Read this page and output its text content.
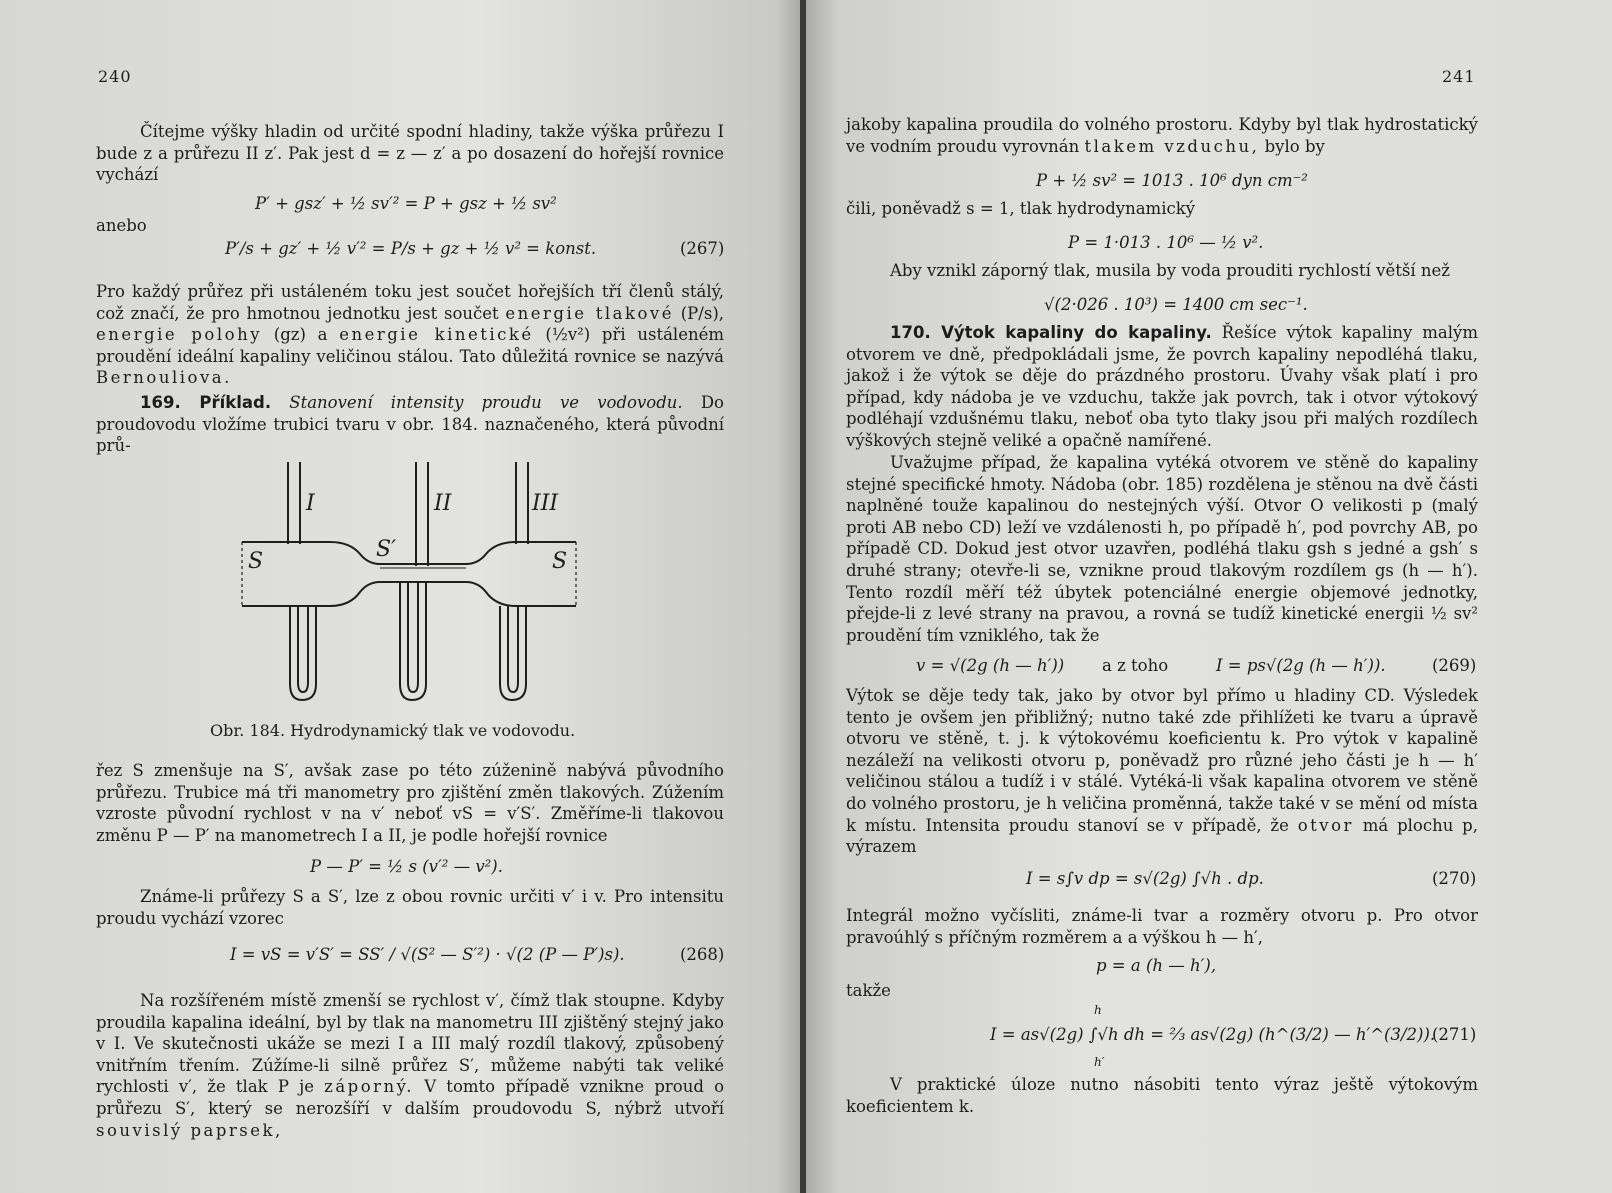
240

Čítejme výšky hladin od určité spodní hladiny, takže výška průřezu I bude z a průřezu II z′. Pak jest d = z — z′ a po dosazení do hořejší rovnice vychází

P′ + gsz′ + ½ sv′² = P + gsz + ½ sv²
anebo
P′/s + gz′ + ½ v′² = P/s + gz + ½ v² = konst.	(267)

Pro každý průřez při ustáleném toku jest součet hořejších tří členů stálý, což značí, že pro hmotnou jednotku jest součet energie tlakové (P/s), energie polohy (gz) a energie kinetické (½v²) při ustáleném proudění ideální kapaliny veličinou stálou. Tato důležitá rovnice se nazývá Bernouliova.

169. Příklad. Stanovení intensity proudu ve vodovodu. Do proudovodu vložíme trubici tvaru v obr. 184. naznačeného, která původní prů-

I	II	III
S	S′	S
Obr. 184. Hydrodynamický tlak ve vodovodu.

řez S zmenšuje na S′, avšak zase po této zúženině nabývá původního průřezu. Trubice má tři manometry pro zjištění změn tlakových. Zúžením vzroste původní rychlost v na v′ neboť vS = v′S′. Změříme-li tlakovou změnu P — P′ na manometrech I a II, je podle hořejší rovnice

P — P′ = ½ s (v′² — v²).

Známe-li průřezy S a S′, lze z obou rovnic určiti v′ i v. Pro intensitu proudu vychází vzorec

I = vS = v′S′ = SS′ / √(S² — S′²) · √(2 (P — P′)s).	(268)

Na rozšířeném místě zmenší se rychlost v′, čímž tlak stoupne. Kdyby proudila kapalina ideální, byl by tlak na manometru III zjištěný stejný jako v I. Ve skutečnosti ukáže se mezi I a III malý rozdíl tlakový, způsobený vnitřním třením. Zúžíme-li silně průřez S′, můžeme nabýti tak veliké rychlosti v′, že tlak P je záporný. V tomto případě vznikne proud o průřezu S′, který se nerozšíří v dalším proudovodu S, nýbrž utvoří souvislý paprsek,

241

jakoby kapalina proudila do volného prostoru. Kdyby byl tlak hydrostatický ve vodním proudu vyrovnán tlakem vzduchu, bylo by

P + ½ sv² = 1013 . 10⁶ dyn cm⁻²

čili, poněvadž s = 1, tlak hydrodynamický

P = 1·013 . 10⁶ — ½ v².

Aby vznikl záporný tlak, musila by voda prouditi rychlostí větší než

√(2·026 . 10³) = 1400 cm sec⁻¹.

170. Výtok kapaliny do kapaliny. Řešíce výtok kapaliny malým otvorem ve dně, předpokládali jsme, že povrch kapaliny nepodléhá tlaku, jakož i že výtok se děje do prázdného prostoru. Úvahy však platí i pro případ, kdy nádoba je ve vzduchu, takže jak povrch, tak i otvor výtokový podléhají vzdušnému tlaku, neboť oba tyto tlaky jsou při malých rozdílech výškových stejně veliké a opačně namířené.

Uvažujme případ, že kapalina vytéká otvorem ve stěně do kapaliny stejné specifické hmoty. Nádoba (obr. 185) rozdělena je stěnou na dvě části naplněné touže kapalinou do nestejných výší. Otvor O velikosti p (malý proti AB nebo CD) leží ve vzdálenosti h, po případě h′, pod povrchy AB, po případě CD. Dokud jest otvor uzavřen, podléhá tlaku gsh s jedné a gsh′ s druhé strany; otevře-li se, vznikne proud tlakovým rozdílem gs (h — h′). Tento rozdíl měří též úbytek potenciálné energie objemové jednotky, přejde-li z levé strany na pravou, a rovná se tudíž kinetické energii ½ sv² proudění tím vzniklého, tak že

v = √(2g (h — h′)) a z toho	I = ps√(2g (h — h′)).	(269)

Výtok se děje tedy tak, jako by otvor byl přímo u hladiny CD. Výsledek tento je ovšem jen přibližný; nutno také zde přihlížeti ke tvaru a úpravě otvoru ve stěně, t. j. k výtokovému koeficientu k. Pro výtok v kapalině nezáleží na velikosti otvoru p, poněvadž pro různé jeho části je h — h′ veličinou stálou a tudíž i v stálé. Vytéká-li však kapalina otvorem ve stěně do volného prostoru, je h veličina proměnná, takže také v se mění od místa k místu. Intensita proudu stanoví se v případě, že otvor má plochu p, výrazem

I = s∫v dp = s√(2g) ∫√h . dp.	(270)

Integrál možno vyčísliti, známe-li tvar a rozměry otvoru p. Pro otvor pravoúhlý s příčným rozměrem a a výškou h — h′,

p = a (h — h′),
takže
h
I = as√(2g) ∫√h dh = ⅔ as√(2g) (h^(3/2) — h′^(3/2)).
h′
(271)

V praktické úloze nutno násobiti tento výraz ještě výtokovým koeficientem k.
